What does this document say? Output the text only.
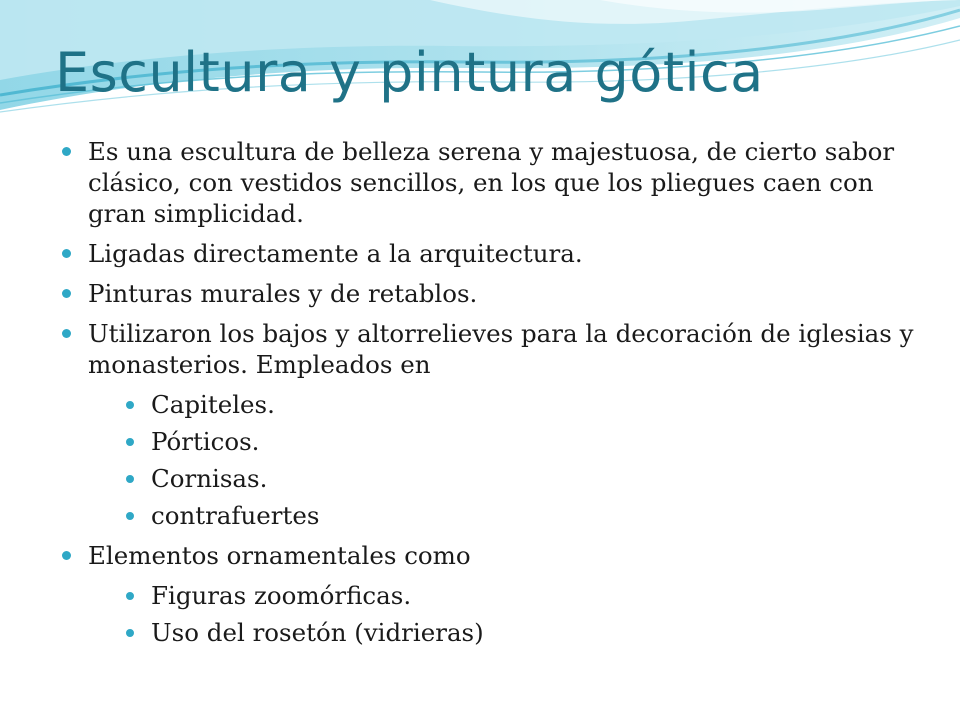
Escultura y pintura gótica
Es una escultura de belleza serena y majestuosa, de cierto sabor clásico, con vestidos sencillos, en los que los pliegues caen con gran simplicidad.
Ligadas directamente a la arquitectura.
Pinturas murales y de retablos.
Utilizaron los bajos y altorrelieves para la decoración de iglesias y monasterios. Empleados en
Capiteles.
Pórticos.
Cornisas.
contrafuertes
Elementos ornamentales como
Figuras zoomórficas.
Uso del rosetón (vidrieras)
